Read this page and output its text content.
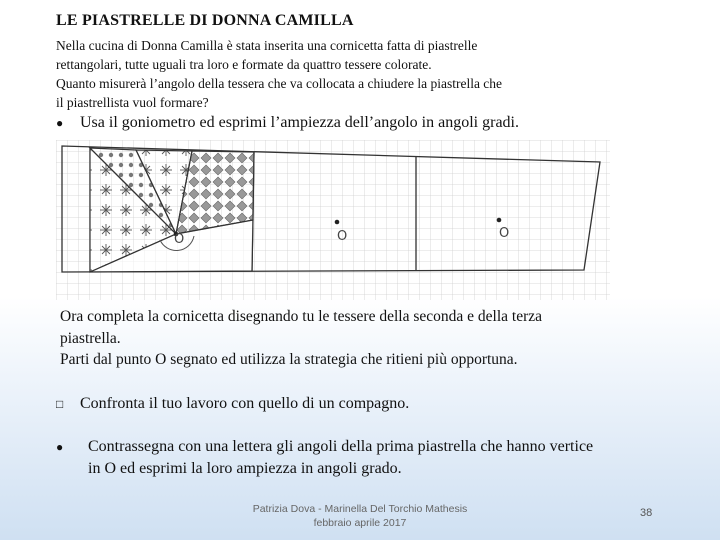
LE PIASTRELLE DI DONNA CAMILLA
Nella cucina di Donna Camilla è stata inserita una cornicetta fatta di piastrelle
rettangolari, tutte uguali tra loro e formate da quattro tessere colorate.
Quanto misurerà l’angolo della tessera che va collocata a chiudere la piastrella che
il piastrellista vuol formare?
● Usa il goniometro ed esprimi l’ampiezza dell’angolo in angoli gradi.
O	O	O
Ora completa la cornicetta disegnando tu le tessere della seconda e della terza
piastrella.
Parti dal punto O segnato ed utilizza la strategia che ritieni più opportuna.
□ Confronta il tuo lavoro con quello di un compagno.
● Contrassegna con una lettera gli angoli della prima piastrella che hanno vertice
in O ed esprimi la loro ampiezza in angoli grado.
Patrizia Dova - Marinella Del Torchio Mathesis
febbraio aprile 2017
38
